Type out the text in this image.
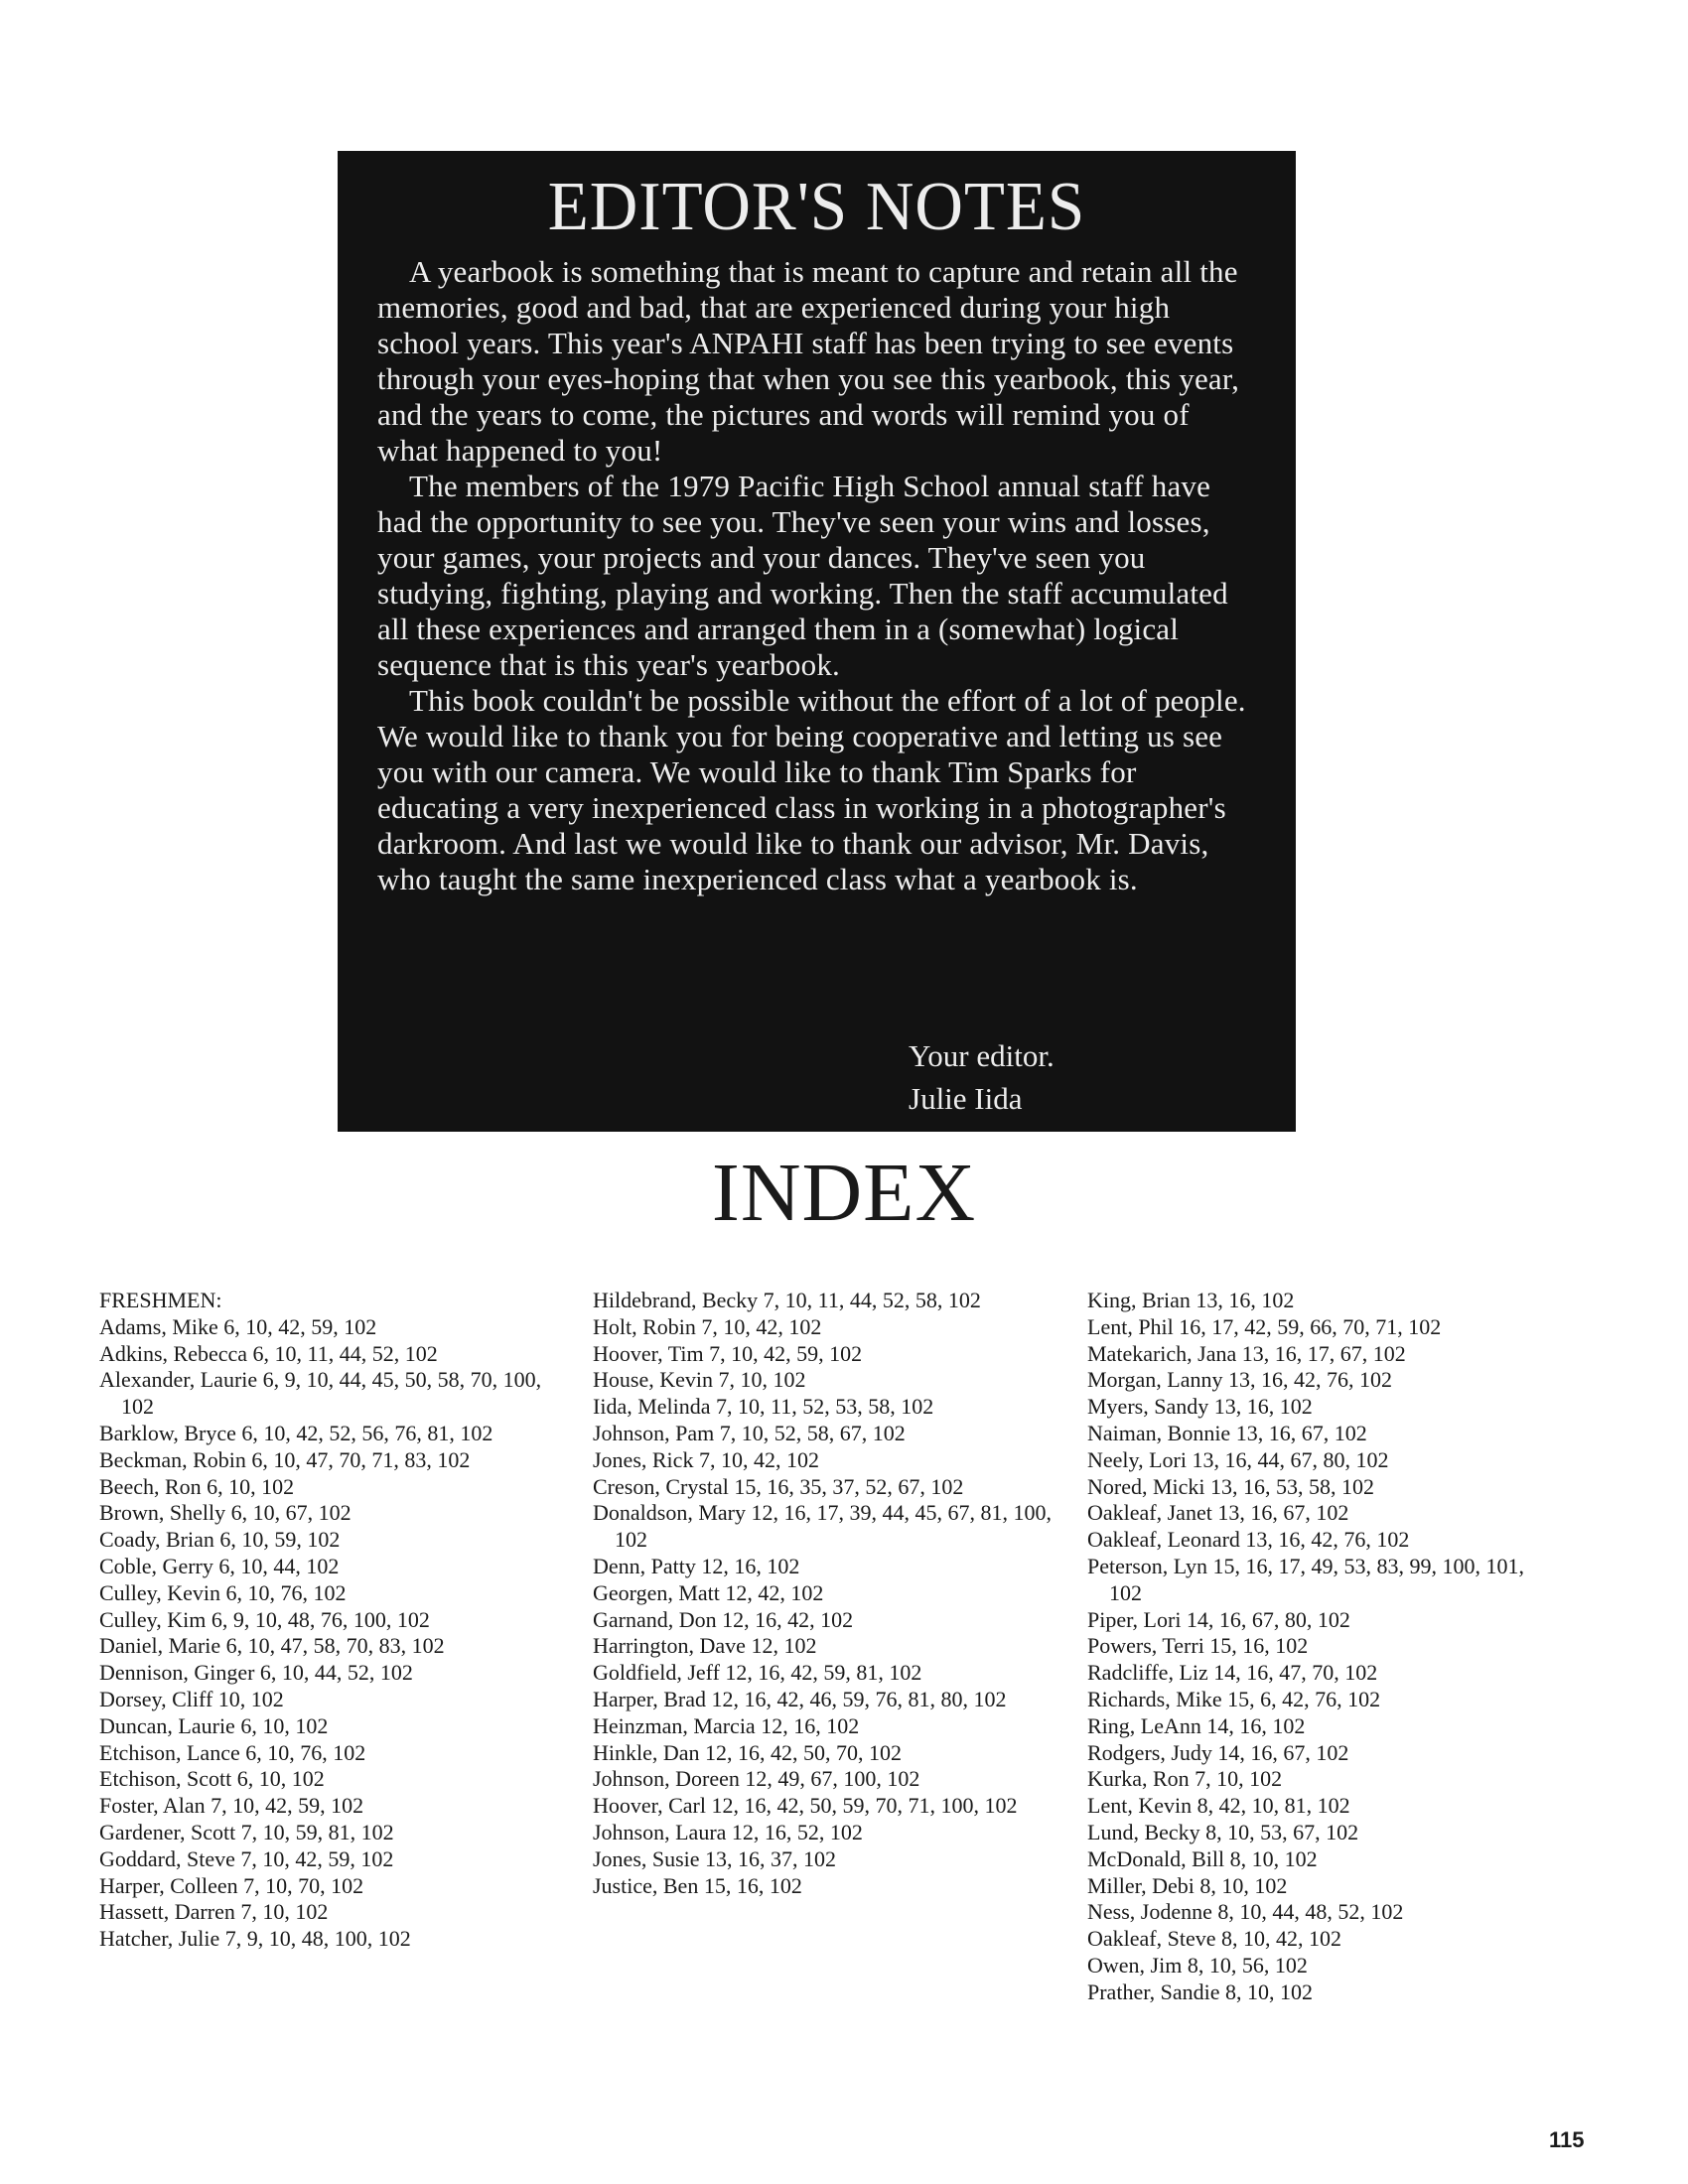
EDITOR'S NOTES

A yearbook is something that is meant to capture and retain all the memories, good and bad, that are experienced during your high school years. This year's ANPAHI staff has been trying to see events through your eyes-hoping that when you see this yearbook, this year, and the years to come, the pictures and words will remind you of what happened to you!

The members of the 1979 Pacific High School annual staff have had the opportunity to see you. They've seen your wins and losses, your games, your projects and your dances. They've seen you studying, fighting, playing and working. Then the staff accumulated all these experiences and arranged them in a (somewhat) logical sequence that is this year's yearbook.

This book couldn't be possible without the effort of a lot of people. We would like to thank you for being cooperative and letting us see you with our camera. We would like to thank Tim Sparks for educating a very inexperienced class in working in a photographer's darkroom. And last we would like to thank our advisor, Mr. Davis, who taught the same inexperienced class what a yearbook is.

Your editor.
Julie Iida
INDEX

FRESHMEN:

Adams, Mike 6, 10, 42, 59, 102

Adkins, Rebecca 6, 10, 11, 44, 52, 102

Alexander, Laurie 6, 9, 10, 44, 45, 50, 58, 70, 100, 102

Barklow, Bryce 6, 10, 42, 52, 56, 76, 81, 102

Beckman, Robin 6, 10, 47, 70, 71, 83, 102

Beech, Ron 6, 10, 102

Brown, Shelly 6, 10, 67, 102

Coady, Brian 6, 10, 59, 102

Coble, Gerry 6, 10, 44, 102

Culley, Kevin 6, 10, 76, 102

Culley, Kim 6, 9, 10, 48, 76, 100, 102

Daniel, Marie 6, 10, 47, 58, 70, 83, 102

Dennison, Ginger 6, 10, 44, 52, 102

Dorsey, Cliff 10, 102

Duncan, Laurie 6, 10, 102

Etchison, Lance 6, 10, 76, 102

Etchison, Scott 6, 10, 102

Foster, Alan 7, 10, 42, 59, 102

Gardener, Scott 7, 10, 59, 81, 102

Goddard, Steve 7, 10, 42, 59, 102

Harper, Colleen 7, 10, 70, 102

Hassett, Darren 7, 10, 102

Hatcher, Julie 7, 9, 10, 48, 100, 102

Hildebrand, Becky 7, 10, 11, 44, 52, 58, 102

Holt, Robin 7, 10, 42, 102

Hoover, Tim 7, 10, 42, 59, 102

House, Kevin 7, 10, 102

Iida, Melinda 7, 10, 11, 52, 53, 58, 102

Johnson, Pam 7, 10, 52, 58, 67, 102

Jones, Rick 7, 10, 42, 102

Creson, Crystal 15, 16, 35, 37, 52, 67, 102

Donaldson, Mary 12, 16, 17, 39, 44, 45, 67, 81, 100, 102

Denn, Patty 12, 16, 102

Georgen, Matt 12, 42, 102

Garnand, Don 12, 16, 42, 102

Harrington, Dave 12, 102

Goldfield, Jeff 12, 16, 42, 59, 81, 102

Harper, Brad 12, 16, 42, 46, 59, 76, 81, 80, 102

Heinzman, Marcia 12, 16, 102

Hinkle, Dan 12, 16, 42, 50, 70, 102

Johnson, Doreen 12, 49, 67, 100, 102

Hoover, Carl 12, 16, 42, 50, 59, 70, 71, 100, 102

Johnson, Laura 12, 16, 52, 102

Jones, Susie 13, 16, 37, 102

Justice, Ben 15, 16, 102

King, Brian 13, 16, 102

Lent, Phil 16, 17, 42, 59, 66, 70, 71, 102

Matekarich, Jana 13, 16, 17, 67, 102

Morgan, Lanny 13, 16, 42, 76, 102

Myers, Sandy 13, 16, 102

Naiman, Bonnie 13, 16, 67, 102

Neely, Lori 13, 16, 44, 67, 80, 102

Nored, Micki 13, 16, 53, 58, 102

Oakleaf, Janet 13, 16, 67, 102

Oakleaf, Leonard 13, 16, 42, 76, 102

Peterson, Lyn 15, 16, 17, 49, 53, 83, 99, 100, 101, 102

Piper, Lori 14, 16, 67, 80, 102

Powers, Terri 15, 16, 102

Radcliffe, Liz 14, 16, 47, 70, 102

Richards, Mike 15, 6, 42, 76, 102

Ring, LeAnn 14, 16, 102

Rodgers, Judy 14, 16, 67, 102

Kurka, Ron 7, 10, 102

Lent, Kevin 8, 42, 10, 81, 102

Lund, Becky 8, 10, 53, 67, 102

McDonald, Bill 8, 10, 102

Miller, Debi 8, 10, 102

Ness, Jodenne 8, 10, 44, 48, 52, 102

Oakleaf, Steve 8, 10, 42, 102

Owen, Jim 8, 10, 56, 102

Prather, Sandie 8, 10, 102

115
